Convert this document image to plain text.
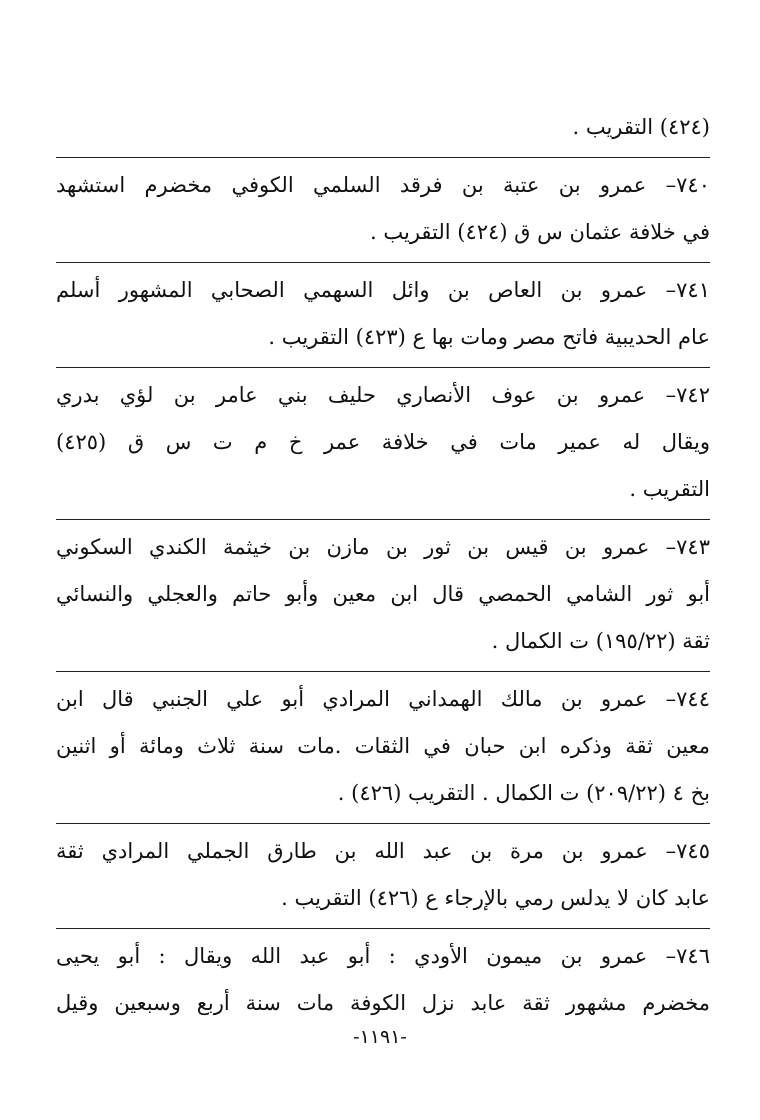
(٤٢٤) التقريب .
٧٤٠– عمرو بن عتبة بن فرقد السلمي الكوفي مخضرم استشهد
في خلافة عثمان س ق (٤٢٤) التقريب .
٧٤١– عمرو بن العاص بن وائل السهمي الصحابي المشهور أسلم
عام الحديبية فاتح مصر ومات بها ع (٤٢٣) التقريب .
٧٤٢– عمرو بن عوف الأنصاري حليف بني عامر بن لؤي بدري
ويقال له عمير مات في خلافة عمر خ م ت س ق (٤٢٥)
التقريب .
٧٤٣– عمرو بن قيس بن ثور بن مازن بن خيثمة الكندي السكوني
أبو ثور الشامي الحمصي قال ابن معين وأبو حاتم والعجلي والنسائي
ثقة (١٩٥/٢٢) ت الكمال .
٧٤٤– عمرو بن مالك الهمداني المرادي أبو علي الجنبي قال ابن
معين ثقة وذكره ابن حبان في الثقات .مات سنة ثلاث ومائة أو اثنين
بخ ٤ (٢٠٩/٢٢) ت الكمال . التقريب (٤٢٦) .
٧٤٥– عمرو بن مرة بن عبد الله بن طارق الجملي المرادي ثقة
عابد كان لا يدلس رمي بالإرجاء ع (٤٢٦) التقريب .
٧٤٦– عمرو بن ميمون الأودي : أبو عبد الله ويقال : أبو يحيى
مخضرم مشهور ثقة عابد نزل الكوفة مات سنة أربع وسبعين وقيل
-١١٩١-
